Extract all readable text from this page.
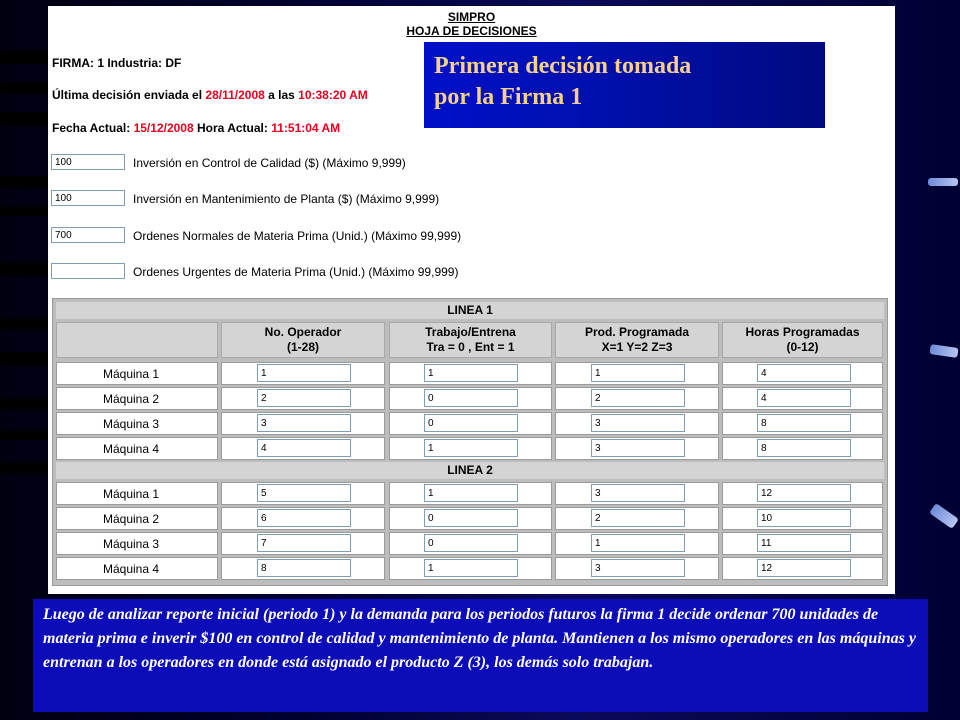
SIMPRO
HOJA DE DECISIONES
FIRMA: 1 Industria: DF
Última decisión enviada el 28/11/2008 a las 10:38:20 AM
Fecha Actual: 15/12/2008 Hora Actual: 11:51:04 AM
100
Inversión en Control de Calidad ($) (Máximo 9,999)
100
Inversión en Mantenimiento de Planta ($) (Máximo 9,999)
700
Ordenes Normales de Materia Prima (Unid.) (Máximo 99,999)
Ordenes Urgentes de Materia Prima (Unid.) (Máximo 99,999)
LINEA 1
No. Operador
(1-28)
Trabajo/Entrena
Tra = 0 , Ent = 1
Prod. Programada
X=1 Y=2 Z=3
Horas Programadas
(0-12)
Máquina 1
1
1
1
4
Máquina 2
2
0
2
4
Máquina 3
3
0
3
8
Máquina 4
4
1
3
8
LINEA 2
Máquina 1
5
1
3
12
Máquina 2
6
0
2
10
Máquina 3
7
0
1
11
Máquina 4
8
1
3
12
Primera decisión tomada
por la Firma 1
Luego de analizar reporte inicial (periodo 1) y la demanda para los periodos futuros la firma 1 decide ordenar 700 unidades de materia prima e inverir $100 en control de calidad y mantenimiento de planta. Mantienen a los mismo operadores en las máquinas y entrenan a los operadores en donde está asignado el producto Z (3), los demás solo trabajan.
